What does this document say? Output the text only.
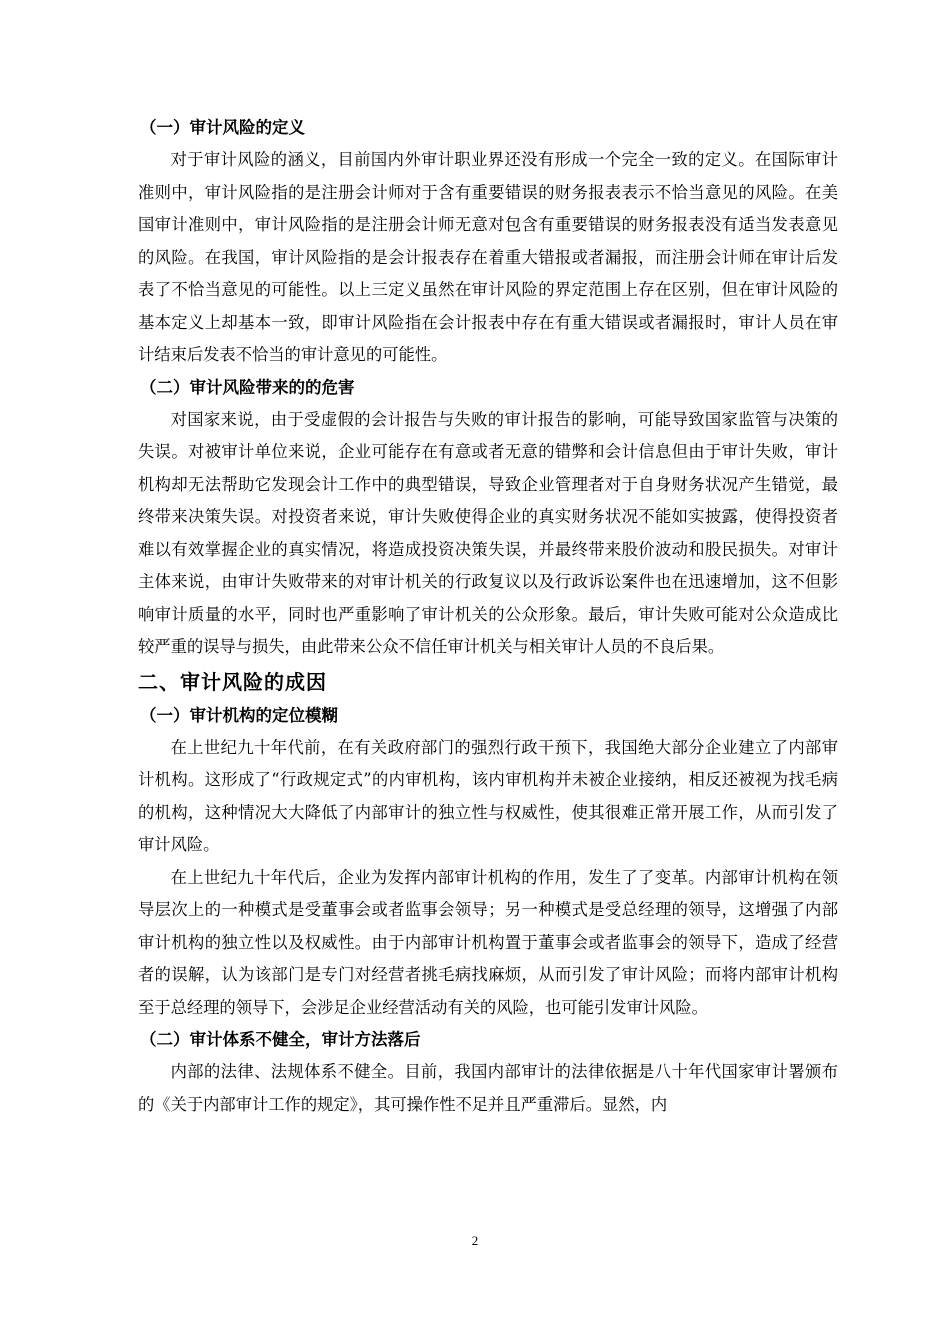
（一）审计风险的定义

对于审计风险的涵义，目前国内外审计职业界还没有形成一个完全一致的定义。在国际审计准则中，审计风险指的是注册会计师对于含有重要错误的财务报表表示不恰当意见的风险。在美国审计准则中，审计风险指的是注册会计师无意对包含有重要错误的财务报表没有适当发表意见的风险。在我国，审计风险指的是会计报表存在着重大错报或者漏报，而注册会计师在审计后发表了不恰当意见的可能性。以上三定义虽然在审计风险的界定范围上存在区别，但在审计风险的基本定义上却基本一致，即审计风险指在会计报表中存在有重大错误或者漏报时，审计人员在审计结束后发表不恰当的审计意见的可能性。

（二）审计风险带来的的危害

对国家来说，由于受虚假的会计报告与失败的审计报告的影响，可能导致国家监管与决策的失误。对被审计单位来说，企业可能存在有意或者无意的错弊和会计信息但由于审计失败，审计机构却无法帮助它发现会计工作中的典型错误，导致企业管理者对于自身财务状况产生错觉，最终带来决策失误。对投资者来说，审计失败使得企业的真实财务状况不能如实披露，使得投资者难以有效掌握企业的真实情况，将造成投资决策失误，并最终带来股价波动和股民损失。对审计主体来说，由审计失败带来的对审计机关的行政复议以及行政诉讼案件也在迅速增加，这不但影响审计质量的水平，同时也严重影响了审计机关的公众形象。最后，审计失败可能对公众造成比较严重的误导与损失，由此带来公众不信任审计机关与相关审计人员的不良后果。

二、审计风险的成因
（一）审计机构的定位模糊

在上世纪九十年代前，在有关政府部门的强烈行政干预下，我国绝大部分企业建立了内部审计机构。这形成了“行政规定式”的内审机构，该内审机构并未被企业接纳，相反还被视为找毛病的机构，这种情况大大降低了内部审计的独立性与权威性，使其很难正常开展工作，从而引发了审计风险。

在上世纪九十年代后，企业为发挥内部审计机构的作用，发生了了变革。内部审计机构在领导层次上的一种模式是受董事会或者监事会领导；另一种模式是受总经理的领导，这增强了内部审计机构的独立性以及权威性。由于内部审计机构置于董事会或者监事会的领导下，造成了经营者的误解，认为该部门是专门对经营者挑毛病找麻烦，从而引发了审计风险；而将内部审计机构至于总经理的领导下，会涉足企业经营活动有关的风险，也可能引发审计风险。

（二）审计体系不健全，审计方法落后

内部的法律、法规体系不健全。目前，我国内部审计的法律依据是八十年代国家审计署颁布的《关于内部审计工作的规定》，其可操作性不足并且严重滞后。显然，内

2
